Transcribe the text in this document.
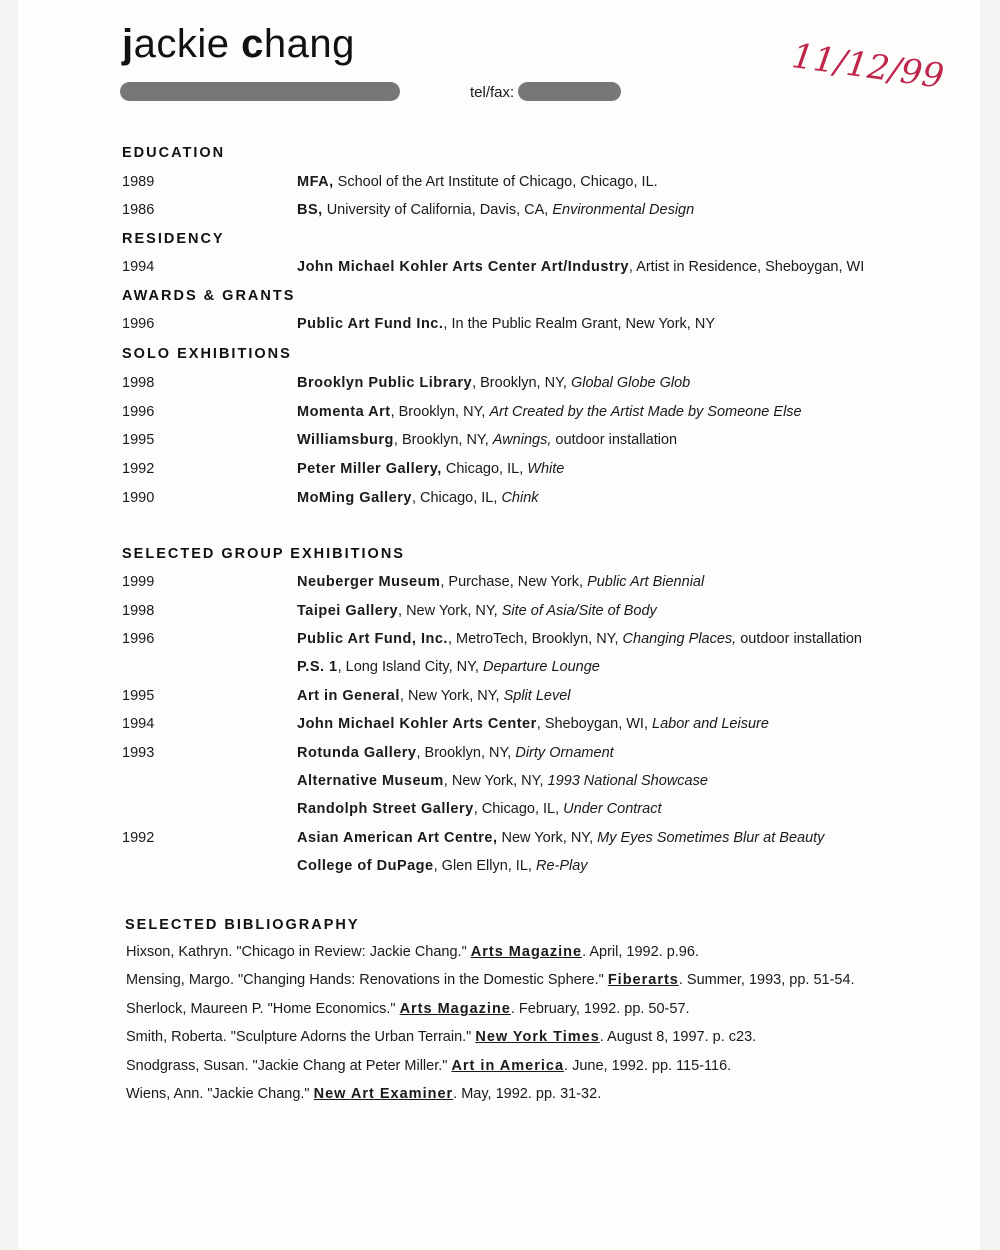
jackie chang
tel/fax:	11/12/99
EDUCATION
1989	MFA, School of the Art Institute of Chicago, Chicago, IL.
1986	BS, University of California, Davis, CA, Environmental Design
RESIDENCY
1994	John Michael Kohler Arts Center Art/Industry, Artist in Residence, Sheboygan, WI
AWARDS & GRANTS
1996	Public Art Fund Inc., In the Public Realm Grant, New York, NY
SOLO EXHIBITIONS
1998	Brooklyn Public Library, Brooklyn, NY, Global Globe Glob
1996	Momenta Art, Brooklyn, NY, Art Created by the Artist Made by Someone Else
1995	Williamsburg, Brooklyn, NY, Awnings, outdoor installation
1992	Peter Miller Gallery, Chicago, IL, White
1990	MoMing Gallery, Chicago, IL, Chink
SELECTED GROUP EXHIBITIONS
1999	Neuberger Museum, Purchase, New York, Public Art Biennial
1998	Taipei Gallery, New York, NY, Site of Asia/Site of Body
1996	Public Art Fund, Inc., MetroTech, Brooklyn, NY, Changing Places, outdoor installation
P.S. 1, Long Island City, NY, Departure Lounge
1995	Art in General, New York, NY, Split Level
1994	John Michael Kohler Arts Center, Sheboygan, WI, Labor and Leisure
1993	Rotunda Gallery, Brooklyn, NY, Dirty Ornament
Alternative Museum, New York, NY, 1993 National Showcase
Randolph Street Gallery, Chicago, IL, Under Contract
1992	Asian American Art Centre, New York, NY, My Eyes Sometimes Blur at Beauty
College of DuPage, Glen Ellyn, IL, Re-Play
SELECTED BIBLIOGRAPHY
Hixson, Kathryn. "Chicago in Review: Jackie Chang." Arts Magazine. April, 1992. p.96.
Mensing, Margo. "Changing Hands: Renovations in the Domestic Sphere." Fiberarts. Summer, 1993, pp. 51-54.
Sherlock, Maureen P. "Home Economics." Arts Magazine. February, 1992. pp. 50-57.
Smith, Roberta. "Sculpture Adorns the Urban Terrain." New York Times. August 8, 1997. p. c23.
Snodgrass, Susan. "Jackie Chang at Peter Miller." Art in America. June, 1992. pp. 115-116.
Wiens, Ann. "Jackie Chang." New Art Examiner. May, 1992. pp. 31-32.
